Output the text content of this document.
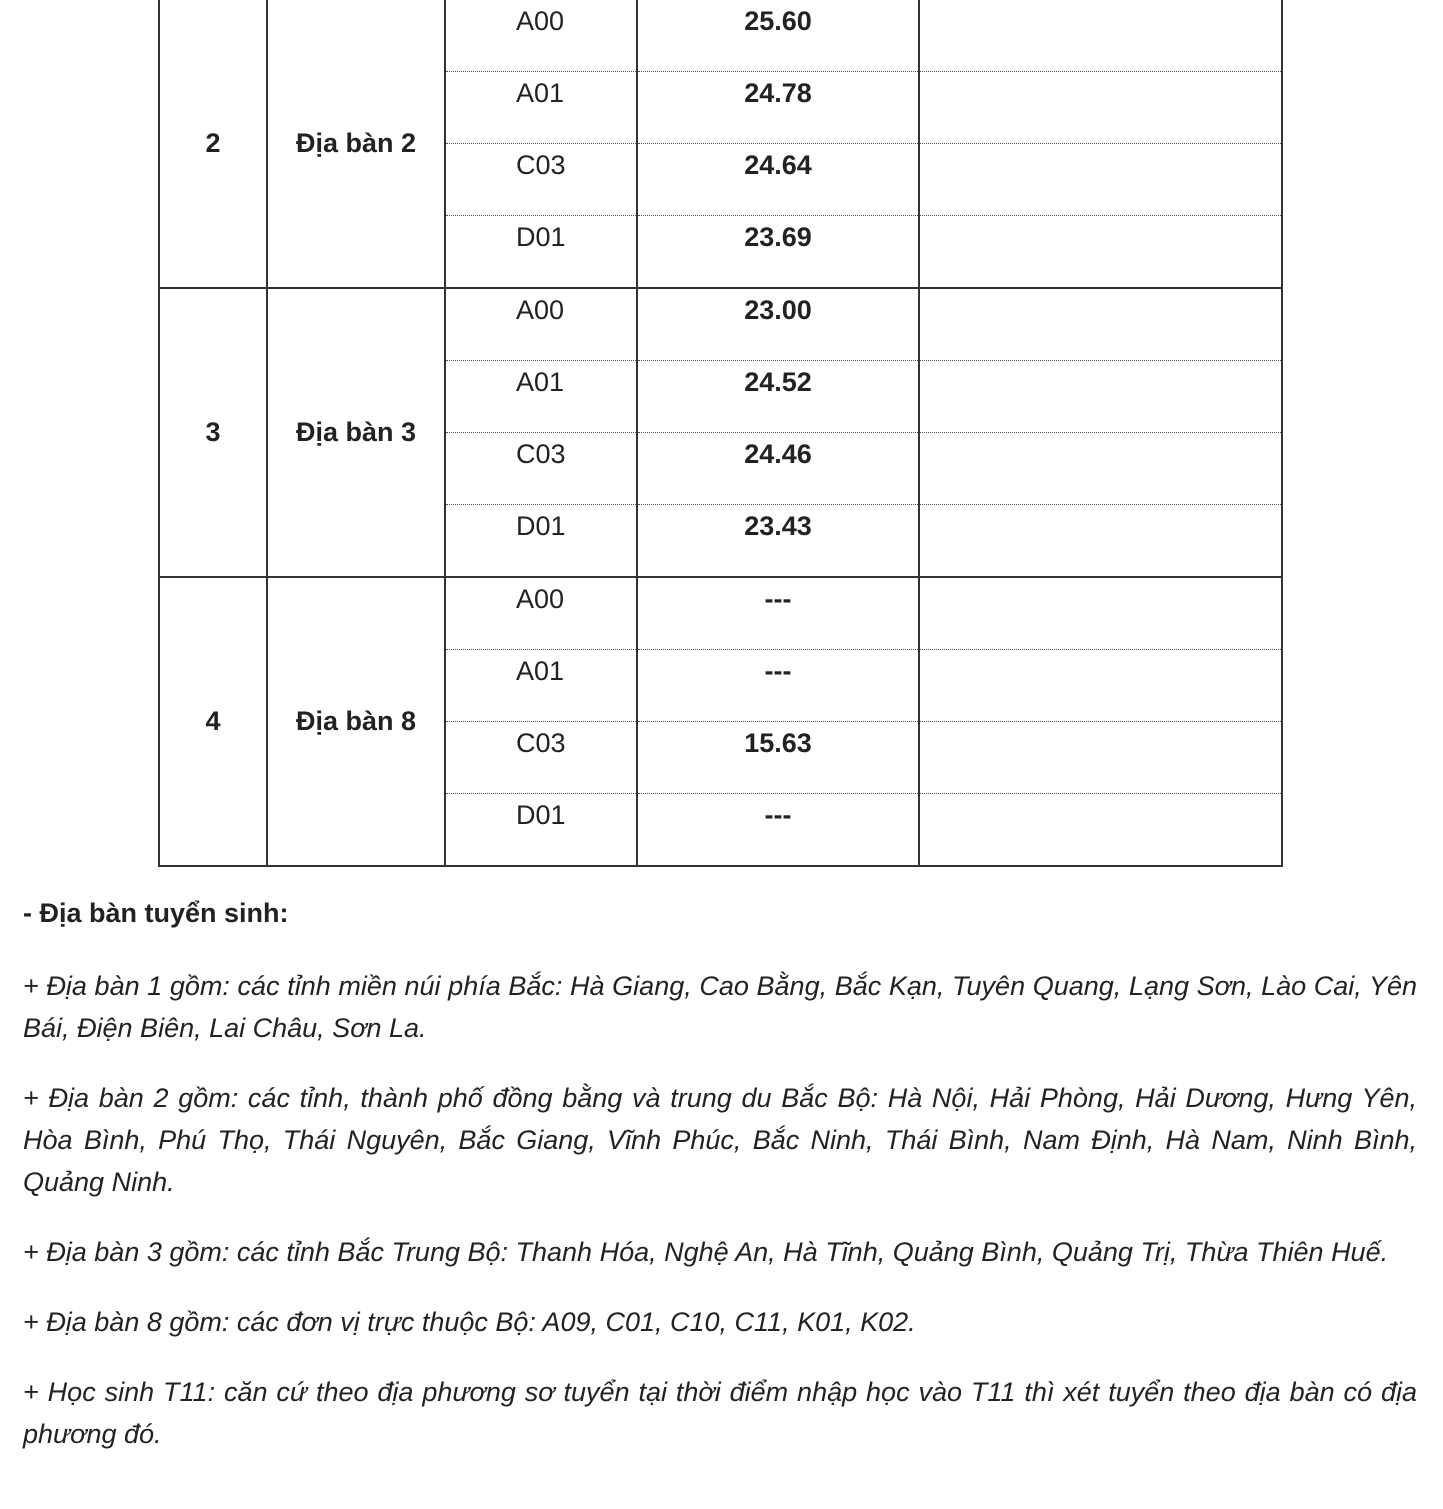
2	Địa bàn 2	A00	25.60	
		A01	24.78	
		C03	24.64	
		D01	23.69	
3	Địa bàn 3	A00	23.00	
		A01	24.52	
		C03	24.46	
		D01	23.43	
4	Địa bàn 8	A00	---	
		A01	---	
		C03	15.63	
		D01	---	

- Địa bàn tuyển sinh:

+ Địa bàn 1 gồm: các tỉnh miền núi phía Bắc: Hà Giang, Cao Bằng, Bắc Kạn, Tuyên Quang, Lạng Sơn, Lào Cai, Yên Bái, Điện Biên, Lai Châu, Sơn La.

+ Địa bàn 2 gồm: các tỉnh, thành phố đồng bằng và trung du Bắc Bộ: Hà Nội, Hải Phòng, Hải Dương, Hưng Yên, Hòa Bình, Phú Thọ, Thái Nguyên, Bắc Giang, Vĩnh Phúc, Bắc Ninh, Thái Bình, Nam Định, Hà Nam, Ninh Bình, Quảng Ninh.

+ Địa bàn 3 gồm: các tỉnh Bắc Trung Bộ: Thanh Hóa, Nghệ An, Hà Tĩnh, Quảng Bình, Quảng Trị, Thừa Thiên Huế.

+ Địa bàn 8 gồm: các đơn vị trực thuộc Bộ: A09, C01, C10, C11, K01, K02.

+ Học sinh T11: căn cứ theo địa phương sơ tuyển tại thời điểm nhập học vào T11 thì xét tuyển theo địa bàn có địa phương đó.
